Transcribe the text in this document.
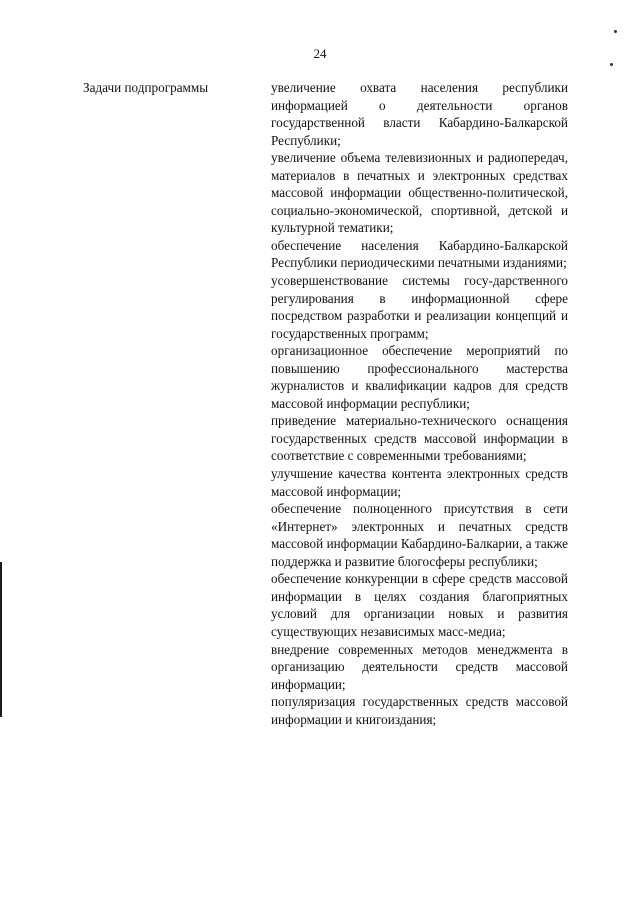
24
Задачи подпрограммы	увеличение охвата населения республики информацией о деятельности органов государственной власти Кабардино-Балкарской Республики;

увеличение объема телевизионных и радиопередач, материалов в печатных и электронных средствах массовой информации общественно-политической, социально-экономической, спортивной, детской и культурной тематики;

обеспечение населения Кабардино-Балкарской Республики периодическими печатными изданиями;

усовершенствование системы госу-дарственного регулирования в информационной сфере посредством разработки и реализации концепций и государственных программ;

организационное обеспечение мероприятий по повышению профессионального мастерства журналистов и квалификации кадров для средств массовой информации республики;

приведение материально-технического оснащения государственных средств массовой информации в соответствие с современными требованиями;

улучшение качества контента электронных средств массовой информации;

обеспечение полноценного присутствия в сети «Интернет» электронных и печатных средств массовой информации Кабардино-Балкарии, а также поддержка и развитие блогосферы республики;

обеспечение конкуренции в сфере средств массовой информации в целях создания благоприятных условий для организации новых и развития существующих независимых масс-медиа;

внедрение современных методов менеджмента в организацию деятельности средств массовой информации;

популяризация государственных средств массовой информации и книгоиздания;
